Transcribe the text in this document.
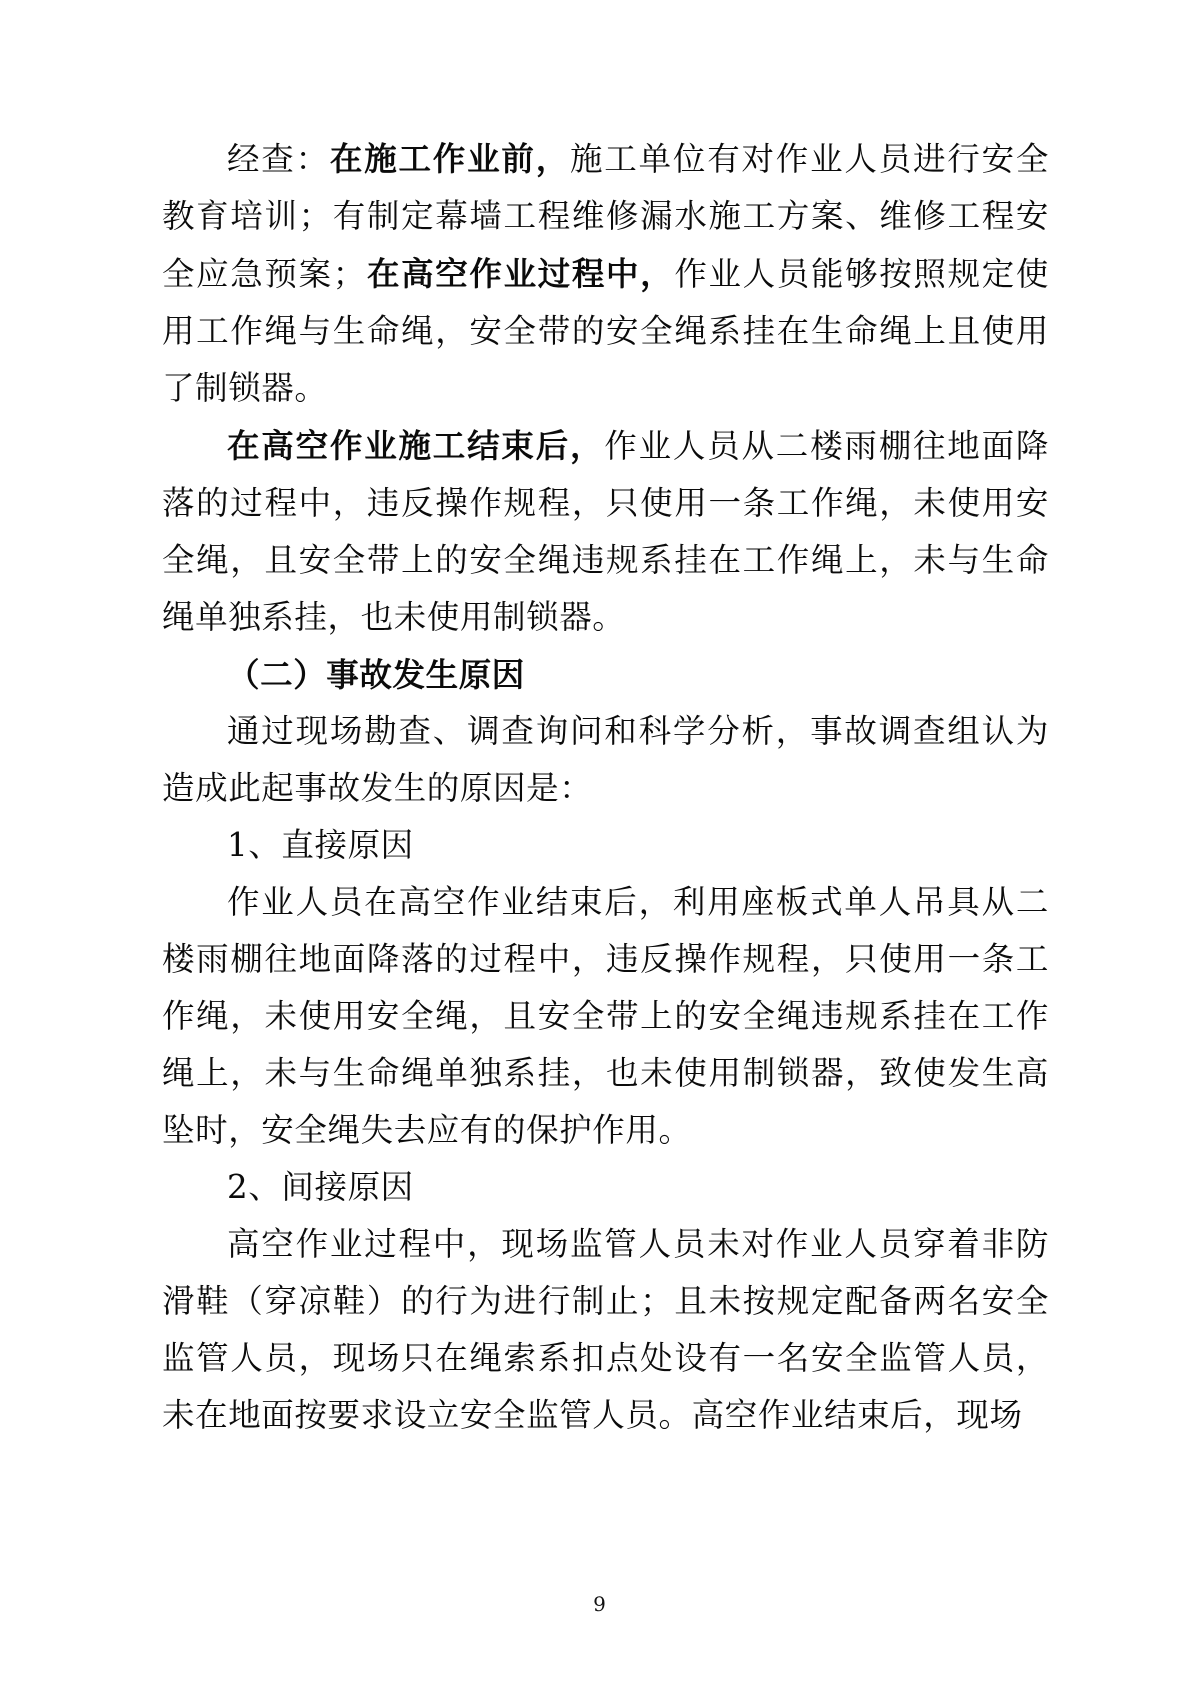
经查：在施工作业前，施工单位有对作业人员进行安全教育培训；有制定幕墙工程维修漏水施工方案、维修工程安全应急预案；在高空作业过程中，作业人员能够按照规定使用工作绳与生命绳，安全带的安全绳系挂在生命绳上且使用了制锁器。

在高空作业施工结束后，作业人员从二楼雨棚往地面降落的过程中，违反操作规程，只使用一条工作绳，未使用安全绳，且安全带上的安全绳违规系挂在工作绳上，未与生命绳单独系挂，也未使用制锁器。

（二）事故发生原因

通过现场勘查、调查询问和科学分析，事故调查组认为造成此起事故发生的原因是：

1、直接原因

作业人员在高空作业结束后，利用座板式单人吊具从二楼雨棚往地面降落的过程中，违反操作规程，只使用一条工作绳，未使用安全绳，且安全带上的安全绳违规系挂在工作绳上，未与生命绳单独系挂，也未使用制锁器，致使发生高坠时，安全绳失去应有的保护作用。

2、间接原因

高空作业过程中，现场监管人员未对作业人员穿着非防滑鞋（穿凉鞋）的行为进行制止；且未按规定配备两名安全监管人员，现场只在绳索系扣点处设有一名安全监管人员，未在地面按要求设立安全监管人员。高空作业结束后，现场

9
